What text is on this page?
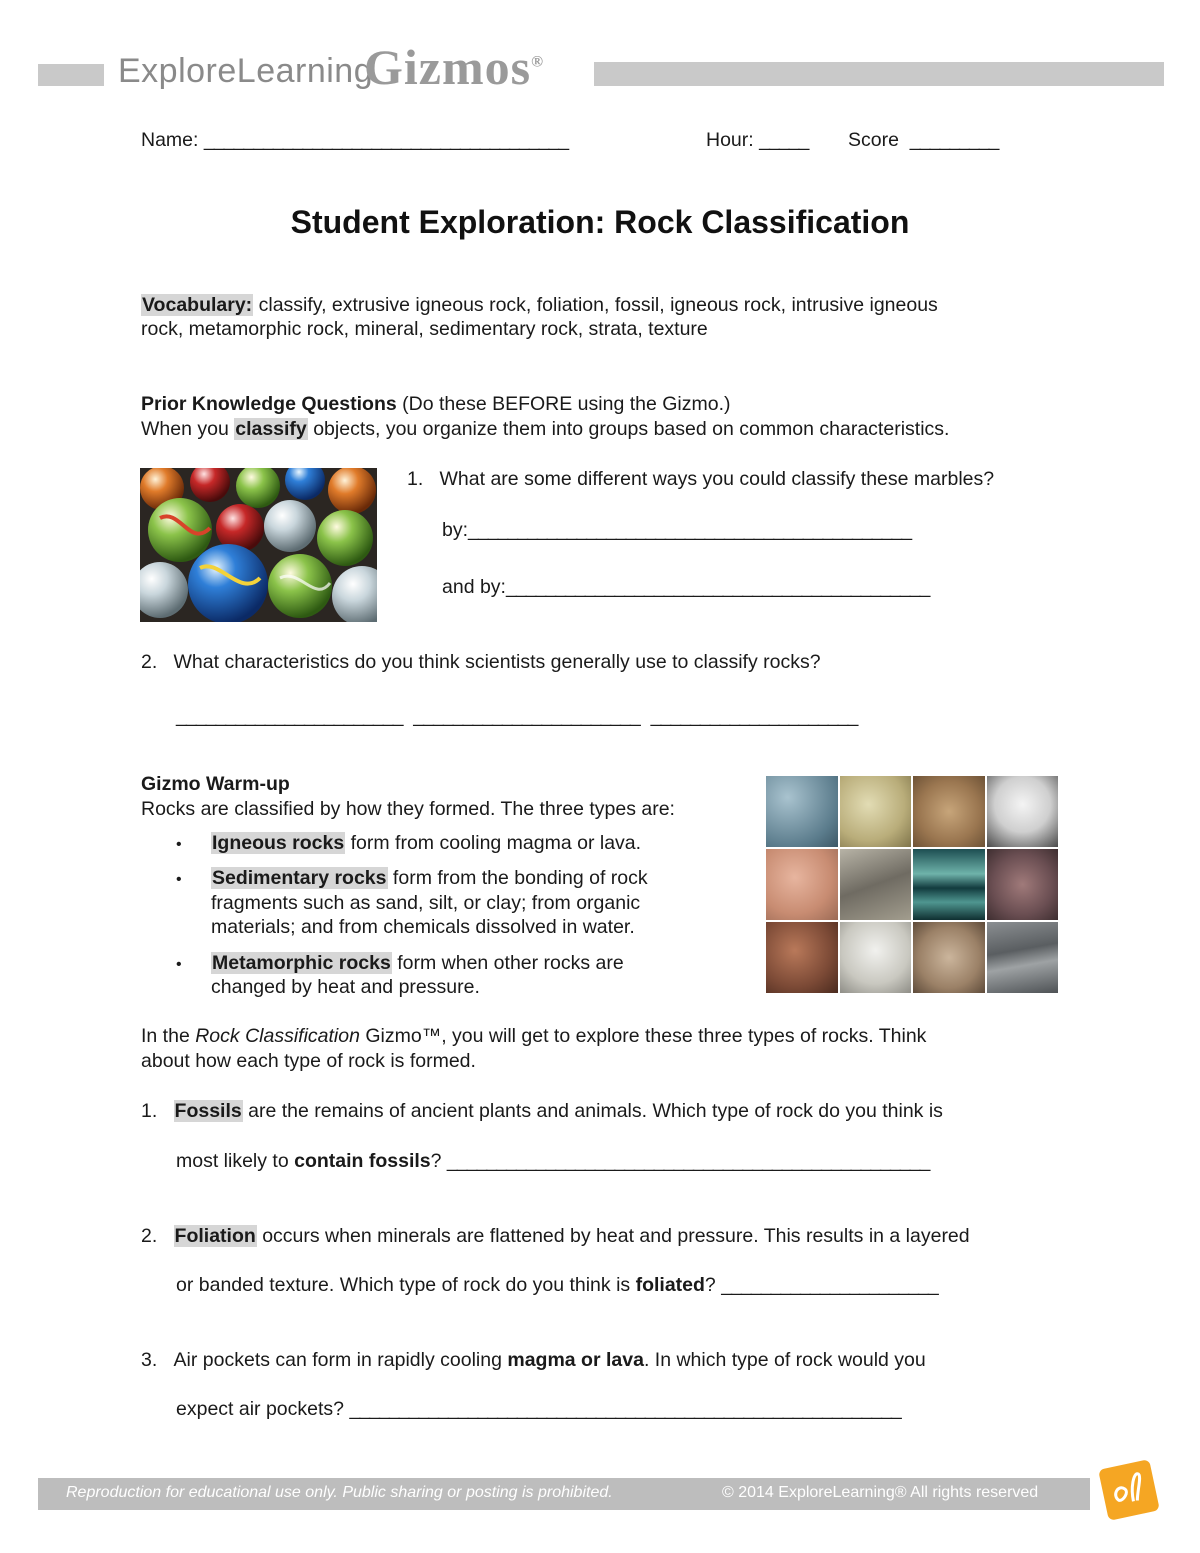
ExploreLearning
Gizmos®
Name: _____________________________________	Hour: _____ Score _________
Student Exploration: Rock Classification
Vocabulary: classify, extrusive igneous rock, foliation, fossil, igneous rock, intrusive igneous
rock, metamorphic rock, mineral, sedimentary rock, strata, texture
Prior Knowledge Questions (Do these BEFORE using the Gizmo.)
When you classify objects, you organize them into groups based on common characteristics.
1. What are some different ways you could classify these marbles?
by:_____________________________________________
and by:___________________________________________
2. What characteristics do you think scientists generally use to classify rocks?
_______________________ _______________________ _____________________
Gizmo Warm-up
Rocks are classified by how they formed. The three types are:
• Igneous rocks form from cooling magma or lava.
• Sedimentary rocks form from the bonding of rock
fragments such as sand, silt, or clay; from organic
materials; and from chemicals dissolved in water.
• Metamorphic rocks form when other rocks are
changed by heat and pressure.
In the Rock Classification Gizmo™, you will get to explore these three types of rocks. Think
about how each type of rock is formed.
1. Fossils are the remains of ancient plants and animals. Which type of rock do you think is
most likely to contain fossils? _________________________________________________
2. Foliation occurs when minerals are flattened by heat and pressure. This results in a layered
or banded texture. Which type of rock do you think is foliated? ______________________
3. Air pockets can form in rapidly cooling magma or lava. In which type of rock would you
expect air pockets? ________________________________________________________
Reproduction for educational use only. Public sharing or posting is prohibited.	© 2014 ExploreLearning® All rights reserved
